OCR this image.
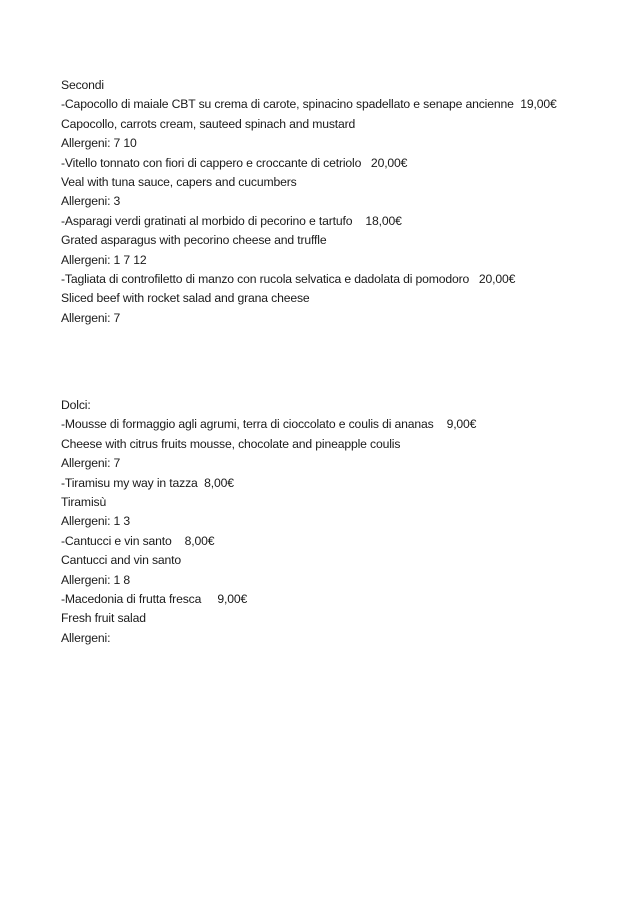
Secondi
-Capocollo di maiale CBT su crema di carote, spinacino spadellato e senape ancienne  19,00€
Capocollo, carrots cream, sauteed spinach and mustard
Allergeni: 7 10
-Vitello tonnato con fiori di cappero e croccante di cetriolo   20,00€
Veal with tuna sauce, capers and cucumbers
Allergeni: 3
-Asparagi verdi gratinati al morbido di pecorino e tartufo    18,00€
Grated asparagus with pecorino cheese and truffle
Allergeni: 1 7 12
-Tagliata di controfiletto di manzo con rucola selvatica e dadolata di pomodoro   20,00€
Sliced beef with rocket salad and grana cheese
Allergeni: 7
Dolci:
-Mousse di formaggio agli agrumi, terra di cioccolato e coulis di ananas    9,00€
Cheese with citrus fruits mousse, chocolate and pineapple coulis
Allergeni: 7
-Tiramisu my way in tazza  8,00€
Tiramisù
Allergeni: 1 3
-Cantucci e vin santo    8,00€
Cantucci and vin santo
Allergeni: 1 8
-Macedonia di frutta fresca     9,00€
Fresh fruit salad
Allergeni:
